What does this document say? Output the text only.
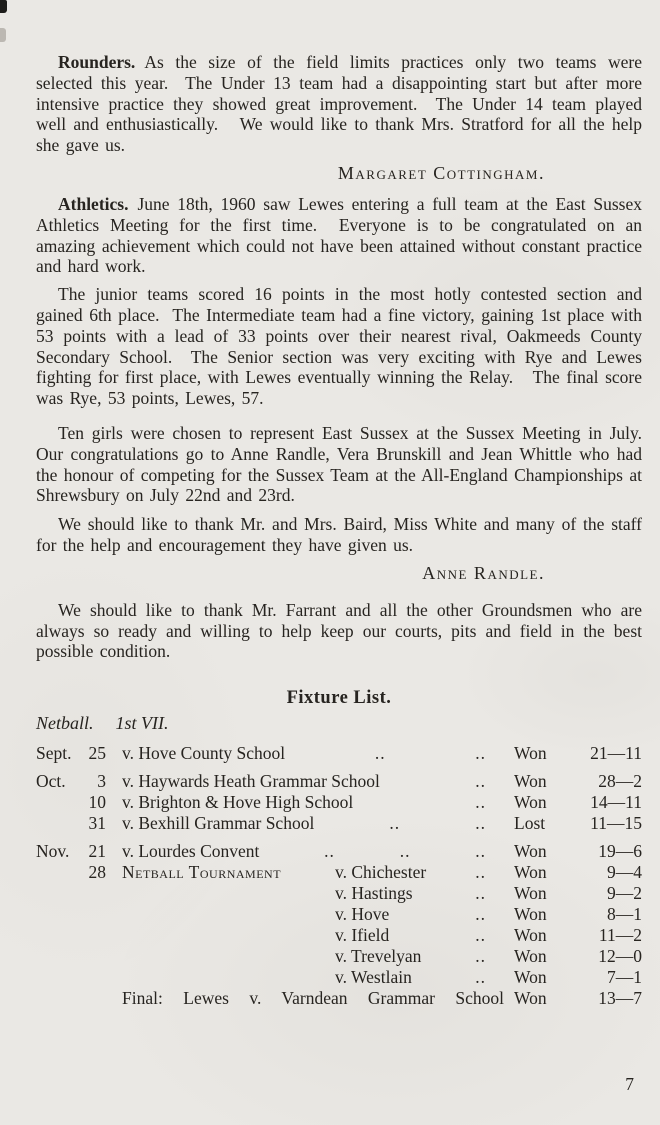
Rounders. As the size of the field limits practices only two teams were selected this year.  The Under 13 team had a disappointing start but after more intensive practice they showed great improvement.  The Under 14 team played well and enthusiastically.   We would like to thank Mrs. Stratford for all the help she gave us.

Margaret Cottingham.

Athletics. June 18th, 1960 saw Lewes entering a full team at the East Sussex Athletics Meeting for the first time.  Everyone is to be congratulated on an amazing achievement which could not have been attained without constant practice and hard work.

The junior teams scored 16 points in the most hotly contested section and gained 6th place.  The Intermediate team had a fine victory, gaining 1st place with 53 points with a lead of 33 points over their nearest rival, Oakmeeds County Secondary School.  The Senior section was very exciting with Rye and Lewes fighting for first place, with Lewes eventually winning the Relay.   The final score was Rye, 53 points, Lewes, 57.

Ten girls were chosen to represent East Sussex at the Sussex Meeting in July.  Our congratulations go to Anne Randle, Vera Brunskill and Jean Whittle who had the honour of competing for the Sussex Team at the All-England Championships at Shrewsbury on July 22nd and 23rd.

We should like to thank Mr. and Mrs. Baird, Miss White and many of the staff for the help and encouragement they have given us.

Anne Randle.

We should like to thank Mr. Farrant and all the other Groundsmen who are always so ready and willing to help keep our courts, pits and field in the best possible condition.

Fixture List.
Netball. 1st VII.
Sept. 25 v. Hove County School	..	.. Won	21—11
Oct.	3 v. Haywards Heath Grammar School	.. Won	28—2
10 v. Brighton & Hove High School	.. Won	14—11
31 v. Bexhill Grammar School	..	.. Lost	11—15
Nov.	21 v. Lourdes Convent	..	..	.. Won	19—6
28 Netball Tournament	v. Chichester	.. Won	9—4
v. Hastings	.. Won	9—2
v. Hove	.. Won	8—1
v. Ifield	.. Won	11—2
v. Trevelyan	.. Won	12—0
v. Westlain	.. Won	7—1
Final: Lewes v. Varndean Grammar School Won	13—7
7
